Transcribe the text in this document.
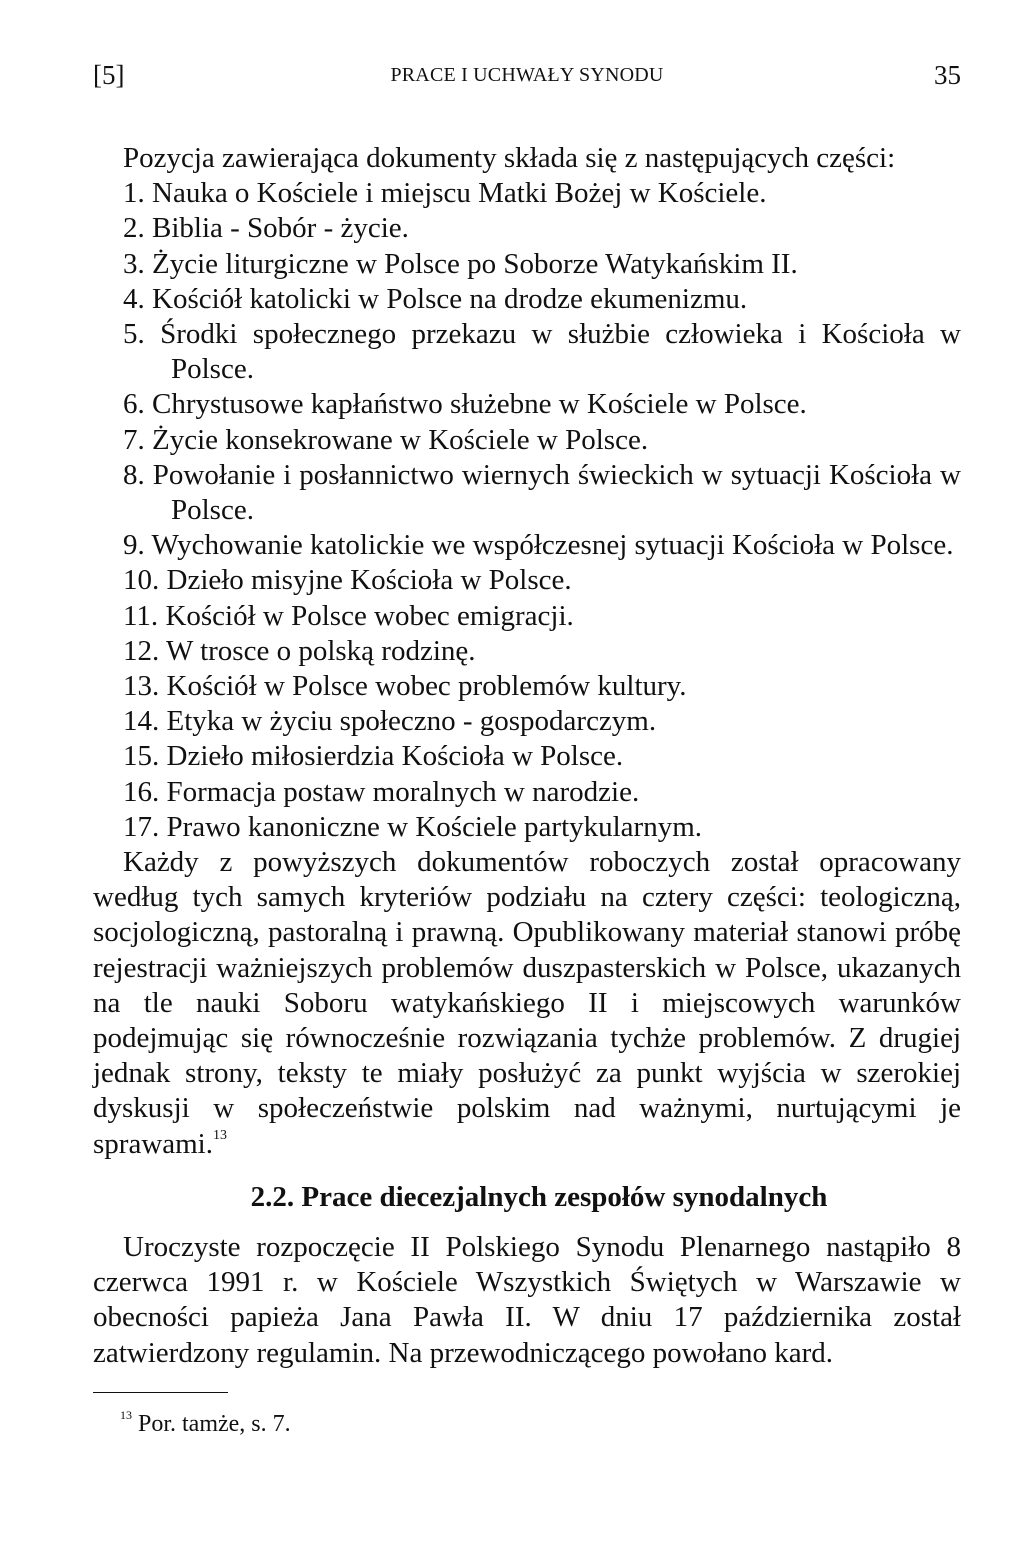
[5]	PRACE I UCHWAŁY SYNODU	35

Pozycja zawierająca dokumenty składa się z następujących części:

1. Nauka o Kościele i miejscu Matki Bożej w Kościele.
2. Biblia - Sobór - życie.
3. Życie liturgiczne w Polsce po Soborze Watykańskim II.
4. Kościół katolicki w Polsce na drodze ekumenizmu.
5. Środki społecznego przekazu w służbie człowieka i Kościoła w Polsce.
6. Chrystusowe kapłaństwo służebne w Kościele w Polsce.
7. Życie konsekrowane w Kościele w Polsce.
8. Powołanie i posłannictwo wiernych świeckich w sytuacji Kościoła w Polsce.
9. Wychowanie katolickie we współczesnej sytuacji Kościoła w Polsce.
10. Dzieło misyjne Kościoła w Polsce.
11. Kościół w Polsce wobec emigracji.
12. W trosce o polską rodzinę.
13. Kościół w Polsce wobec problemów kultury.
14. Etyka w życiu społeczno - gospodarczym.
15. Dzieło miłosierdzia Kościoła w Polsce.
16. Formacja postaw moralnych w narodzie.
17. Prawo kanoniczne w Kościele partykularnym.

Każdy z powyższych dokumentów roboczych został opracowany według tych samych kryteriów podziału na cztery części: teologiczną, socjologiczną, pastoralną i prawną. Opublikowany materiał stanowi próbę rejestracji ważniejszych problemów duszpasterskich w Polsce, ukazanych na tle nauki Soboru watykańskiego II i miejscowych warunków podejmując się równocześnie rozwiązania tychże problemów. Z drugiej jednak strony, teksty te miały posłużyć za punkt wyjścia w szerokiej dyskusji w społeczeństwie polskim nad ważnymi, nurtującymi je sprawami.$^{13}$

2.2. Prace diecezjalnych zespołów synodalnych

Uroczyste rozpoczęcie II Polskiego Synodu Plenarnego nastąpiło 8 czerwca 1991 r. w Kościele Wszystkich Świętych w Warszawie w obecności papieża Jana Pawła II. W dniu 17 października został zatwierdzony regulamin. Na przewodniczącego powołano kard.

$^{13}$ Por. tamże, s. 7.
